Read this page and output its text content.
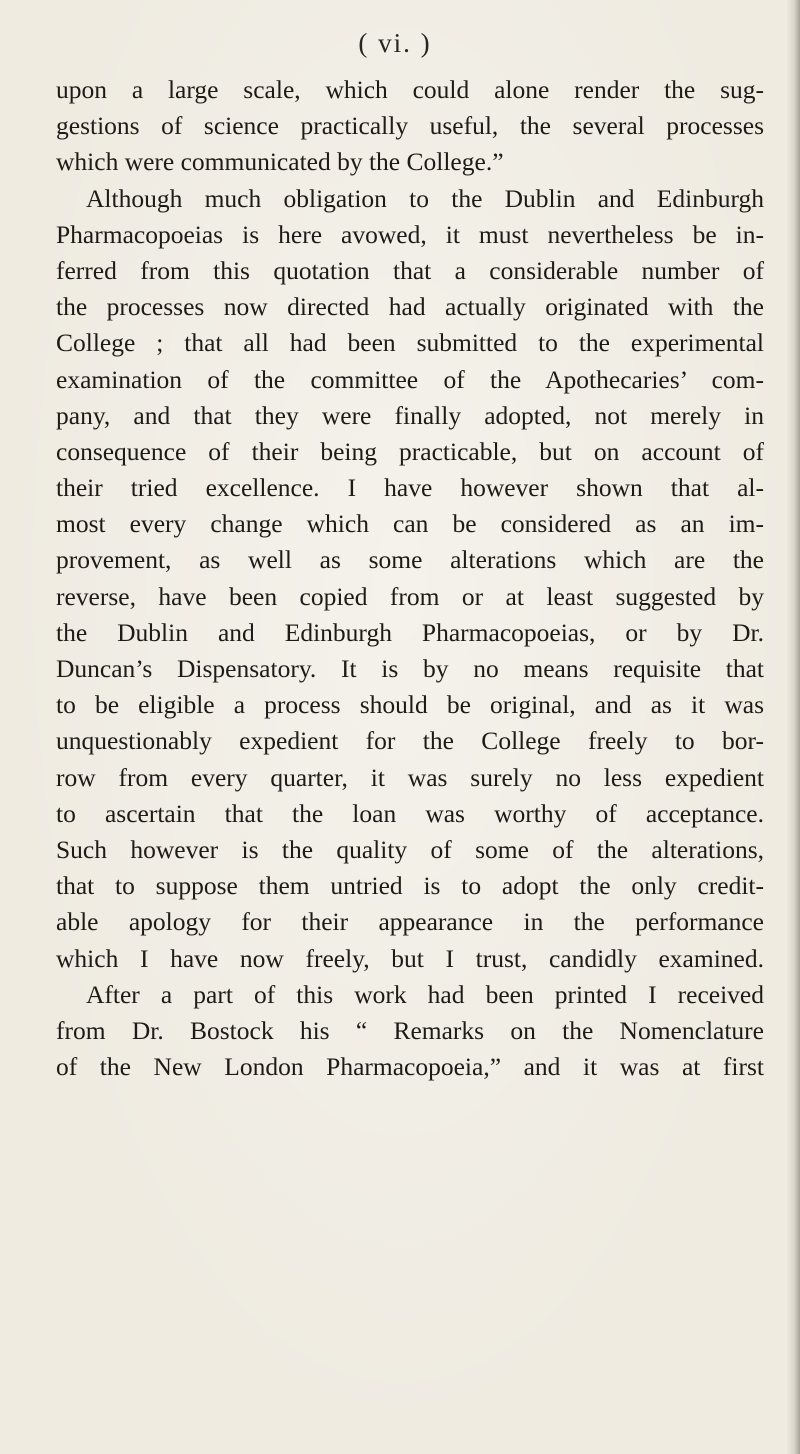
( vi. )
upon a large scale, which could alone render the sug-
gestions of science practically useful, the several processes
which were communicated by the College.”
Although much obligation to the Dublin and Edinburgh
Pharmacopoeias is here avowed, it must nevertheless be in-
ferred from this quotation that a considerable number of
the processes now directed had actually originated with the
College ; that all had been submitted to the experimental
examination of the committee of the Apothecaries’ com-
pany, and that they were finally adopted, not merely in
consequence of their being practicable, but on account of
their tried excellence. I have however shown that al-
most every change which can be considered as an im-
provement, as well as some alterations which are the
reverse, have been copied from or at least suggested by
the Dublin and Edinburgh Pharmacopoeias, or by Dr.
Duncan’s Dispensatory. It is by no means requisite that
to be eligible a process should be original, and as it was
unquestionably expedient for the College freely to bor-
row from every quarter, it was surely no less expedient
to ascertain that the loan was worthy of acceptance.
Such however is the quality of some of the alterations,
that to suppose them untried is to adopt the only credit-
able apology for their appearance in the performance
which I have now freely, but I trust, candidly examined.
After a part of this work had been printed I received
from Dr. Bostock his “ Remarks on the Nomenclature
of the New London Pharmacopoeia,” and it was at first
